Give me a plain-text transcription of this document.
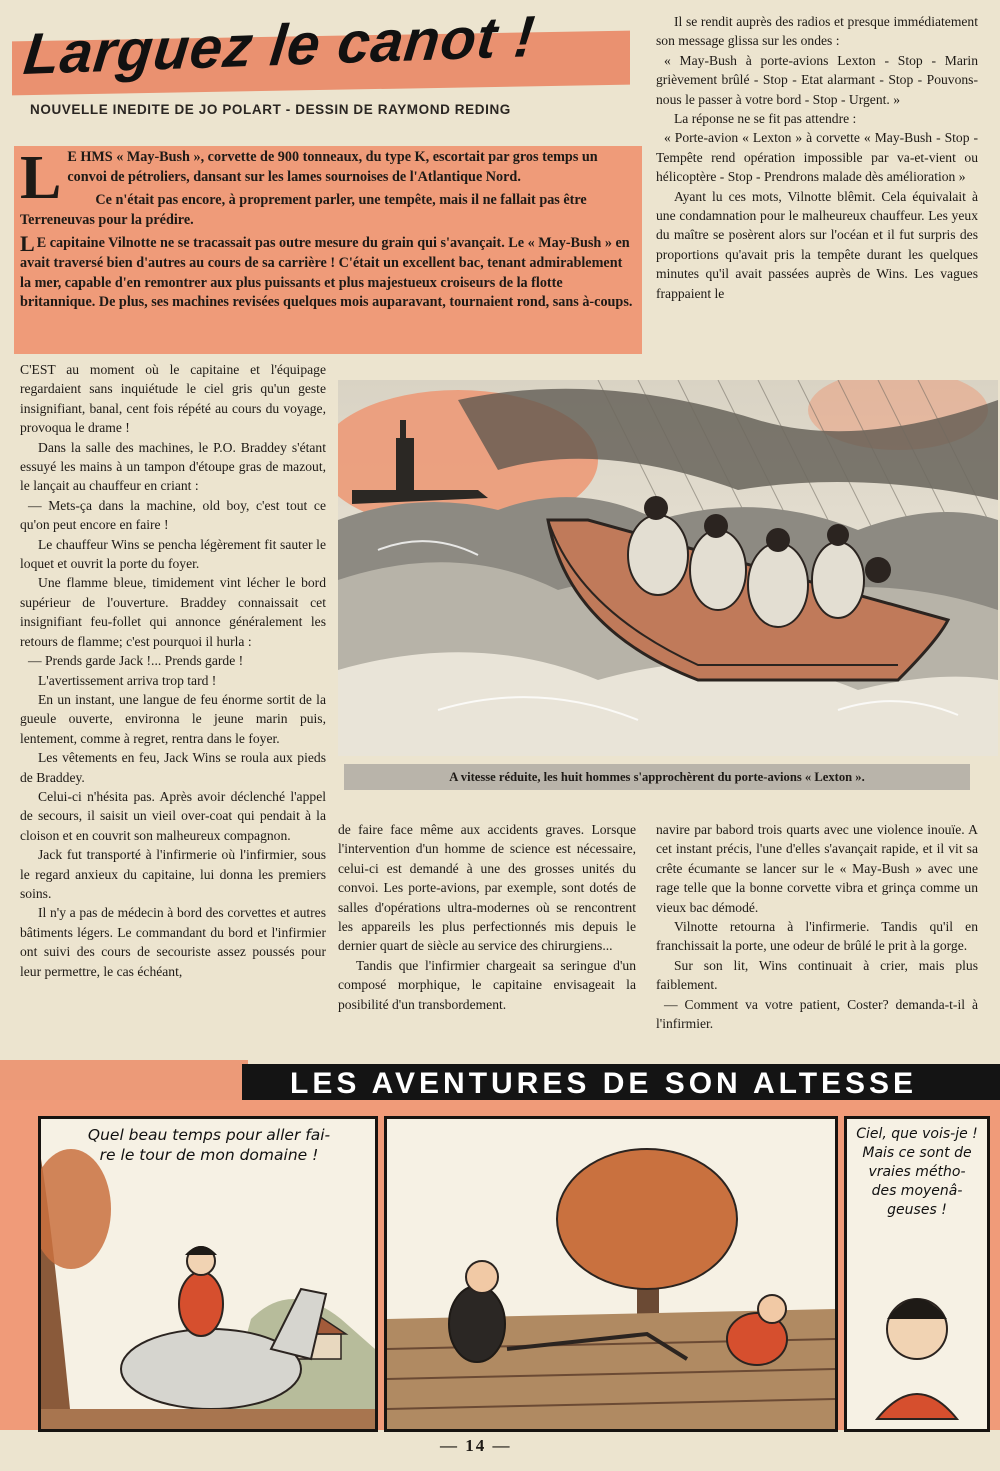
Larguez le canot !
NOUVELLE INEDITE DE JO POLART - DESSIN DE RAYMOND REDING

L E HMS « May-Bush », corvette de 900 tonneaux, du type K, escortait par gros temps un convoi de pétroliers, dansant sur les lames sournoises de l'Atlantique Nord.

Ce n'était pas encore, à proprement parler, une tempête, mais il ne fallait pas être Terreneuvas pour la prédire.

L E capitaine Vilnotte ne se tracassait pas outre mesure du grain qui s'avançait. Le « May-Bush » en avait traversé bien d'autres au cours de sa carrière ! C'était un excellent bac, tenant admirablement la mer, capable d'en remontrer aux plus puissants et plus majestueux croiseurs de la flotte britannique. De plus, ses machines revisées quelques mois auparavant, tournaient rond, sans à-coups.

Il se rendit auprès des radios et presque immédiatement son message glissa sur les ondes :

« May-Bush à porte-avions Lexton - Stop - Marin grièvement brûlé - Stop - Etat alarmant - Stop - Pouvons-nous le passer à votre bord - Stop - Urgent. »

La réponse ne se fit pas attendre :

« Porte-avion « Lexton » à corvette « May-Bush - Stop - Tempête rend opération impossible par va-et-vient ou hélicoptère - Stop - Prendrons malade dès amélioration »

Ayant lu ces mots, Vilnotte blêmit. Cela équivalait à une condamnation pour le malheureux chauffeur. Les yeux du maître se posèrent alors sur l'océan et il fut surpris des proportions qu'avait pris la tempête durant les quelques minutes qu'il avait passées auprès de Wins. Les vagues frappaient le

C'EST au moment où le capitaine et l'équipage regardaient sans inquiétude le ciel gris qu'un geste insignifiant, banal, cent fois répété au cours du voyage, provoqua le drame !

Dans la salle des machines, le P.O. Braddey s'étant essuyé les mains à un tampon d'étoupe gras de mazout, le lançait au chauffeur en criant :

— Mets-ça dans la machine, old boy, c'est tout ce qu'on peut encore en faire !

Le chauffeur Wins se pencha légèrement fit sauter le loquet et ouvrit la porte du foyer.

Une flamme bleue, timidement vint lécher le bord supérieur de l'ouverture. Braddey connaissait cet insignifiant feu-follet qui annonce généralement les retours de flamme; c'est pourquoi il hurla :

— Prends garde Jack !... Prends garde !

L'avertissement arriva trop tard !

En un instant, une langue de feu énorme sortit de la gueule ouverte, environna le jeune marin puis, lentement, comme à regret, rentra dans le foyer.

Les vêtements en feu, Jack Wins se roula aux pieds de Braddey.

Celui-ci n'hésita pas. Après avoir déclenché l'appel de secours, il saisit un vieil over-coat qui pendait à la cloison et en couvrit son malheureux compagnon.

Jack fut transporté à l'infirmerie où l'infirmier, sous le regard anxieux du capitaine, lui donna les premiers soins.

Il n'y a pas de médecin à bord des corvettes et autres bâtiments légers. Le commandant du bord et l'infirmier ont suivi des cours de secouriste assez poussés pour leur permettre, le cas échéant,

A vitesse réduite, les huit hommes s'approchèrent du porte-avions « Lexton ».

de faire face même aux accidents graves. Lorsque l'intervention d'un homme de science est nécessaire, celui-ci est demandé à une des grosses unités du convoi. Les porte-avions, par exemple, sont dotés de salles d'opérations ultra-modernes où se rencontrent les appareils les plus perfectionnés mis depuis le dernier quart de siècle au service des chirurgiens...

Tandis que l'infirmier chargeait sa seringue d'un composé morphique, le capitaine envisageait la posibilité d'un transbordement.

navire par babord trois quarts avec une violence inouïe. A cet instant précis, l'une d'elles s'avançait rapide, et il vit sa crête écumante se lancer sur le « May-Bush » avec une rage telle que la bonne corvette vibra et grinça comme un vieux bac démodé.

Vilnotte retourna à l'infirmerie. Tandis qu'il en franchissait la porte, une odeur de brûlé le prit à la gorge.

Sur son lit, Wins continuait à crier, mais plus faiblement.

— Comment va votre patient, Coster? demanda-t-il à l'infirmier.

LES AVENTURES DE SON ALTESSE
Quel beau temps pour aller fai-
re le tour de mon domaine !
Ciel, que vois-je !
Mais ce sont de
vraies métho-
des moyenâ-
geuses !
— 14 —
